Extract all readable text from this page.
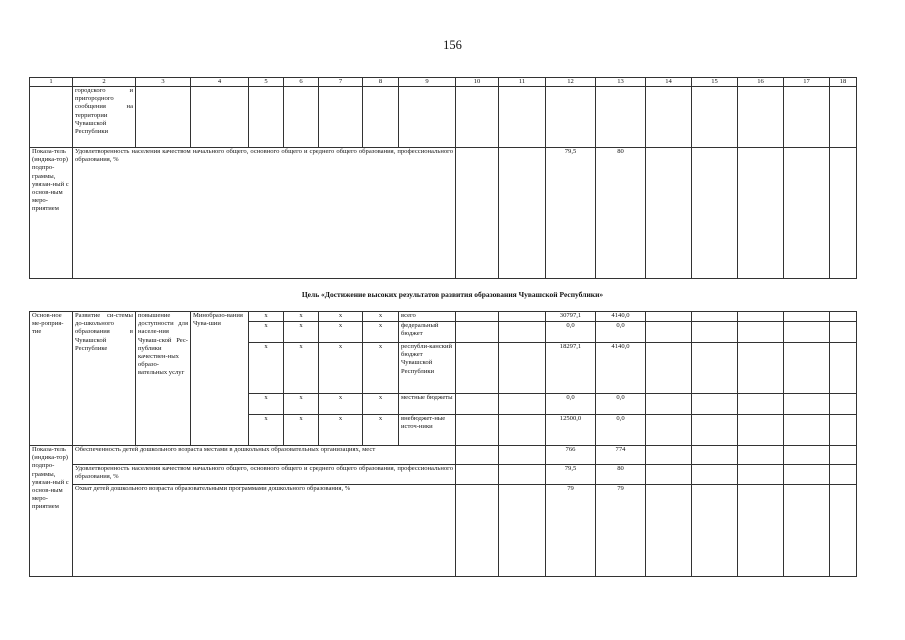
156
1	2	3	4	5	6	7	8	9	10	11	12	13	14	15	16	17	18
	городского и пригородного сообщения на территории Чувашской Республики																
Показа-тель (индика-тор) подпро-граммы, увязан-ный с основ-ным меро-приятием	Удовлетворенность населения качеством начального общего, основного общего и среднего общего образования, профессионального образования, %										79,5	80					
Цель «Достижение высоких результатов развития образования Чувашской Республики»
Основ-ное ме-роприя-тие	Развитие си-стемы до-школьного образования в Чувашской Республике	повышение доступности для населе-ния Чуваш-ской Рес-публики качествен-ных образо-вательных услуг	Минобразо-вания Чува-шии	x	x	x	x	всего			30797,1	4140,0					
				x	x	x	x	федеральный бюджет			0,0	0,0					
				x	x	x	x	республи-канский бюджет Чувашской Республики			18297,1	4140,0					
				x	x	x	x	местные бюджеты			0,0	0,0					
				x	x	x	x	внебюджет-ные источ-ники			12500,0	0,0					
Показа-тель (индика-тор) подпро-граммы, увязан-ный с основ-ным меро-приятием	Обеспеченность детей дошкольного возраста местами в дошкольных образовательных организациях, мест										766	774					
	Удовлетворенность населения качеством начального общего, основного общего и среднего общего образования, профессионального образования, %										79,5	80					
	Охват детей дошкольного возраста образовательными программами дошкольного образования, %										79	79					
